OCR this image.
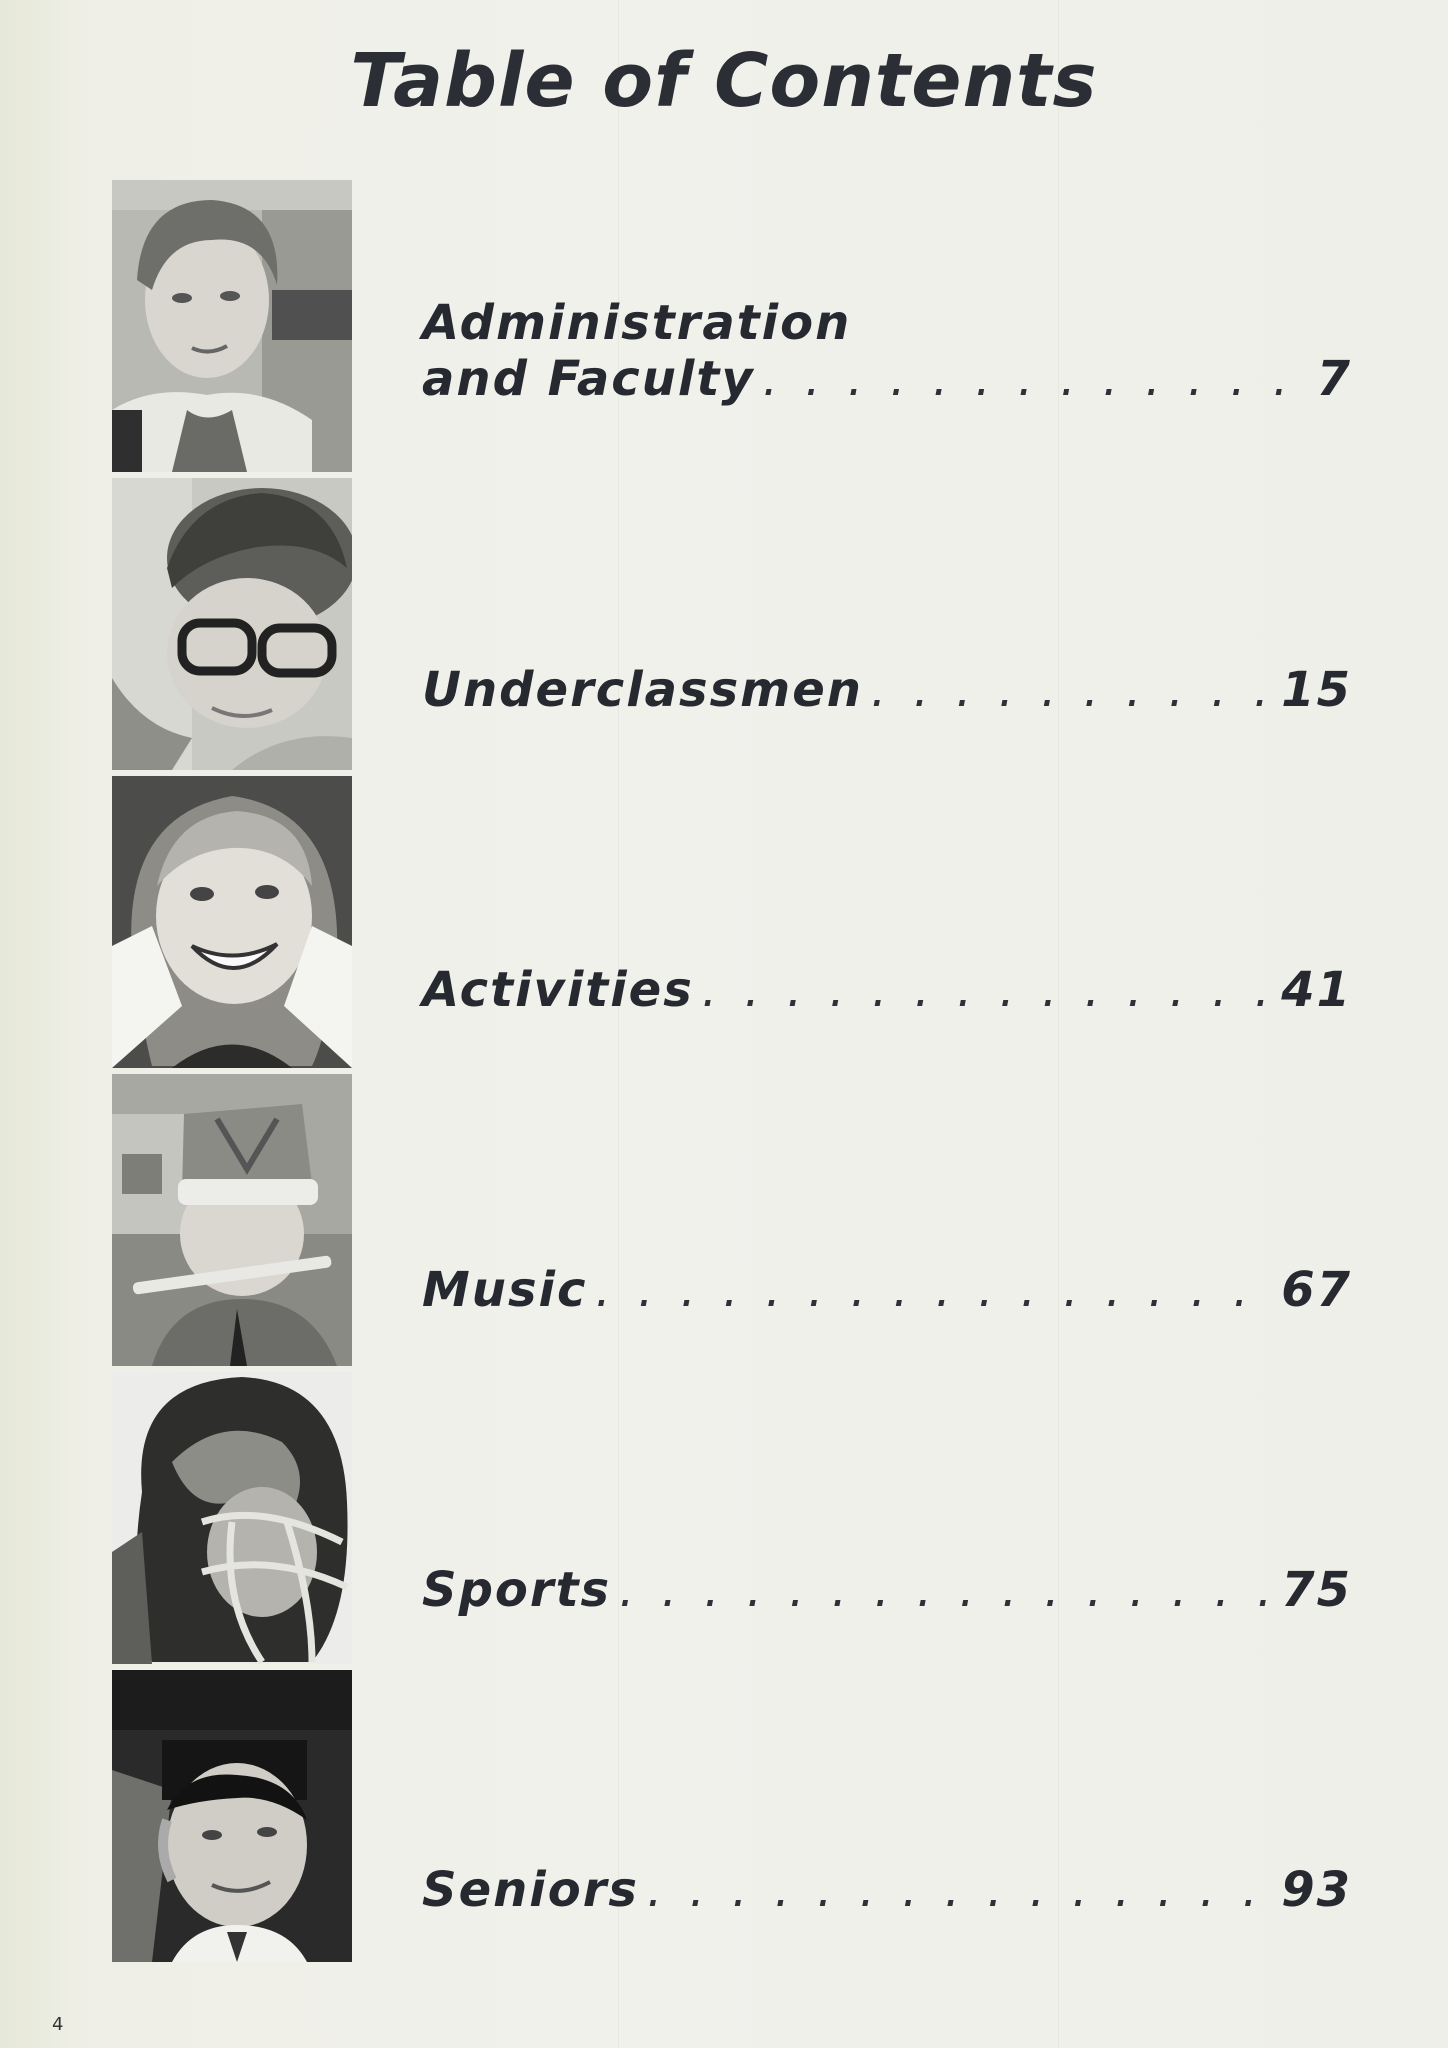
Table of Contents
Administration
and Faculty . . .	7
Underclassmen . . .	15
Activities . . .	41
Music . . .	67
Sports . . .	75
Seniors . . .	93
4
